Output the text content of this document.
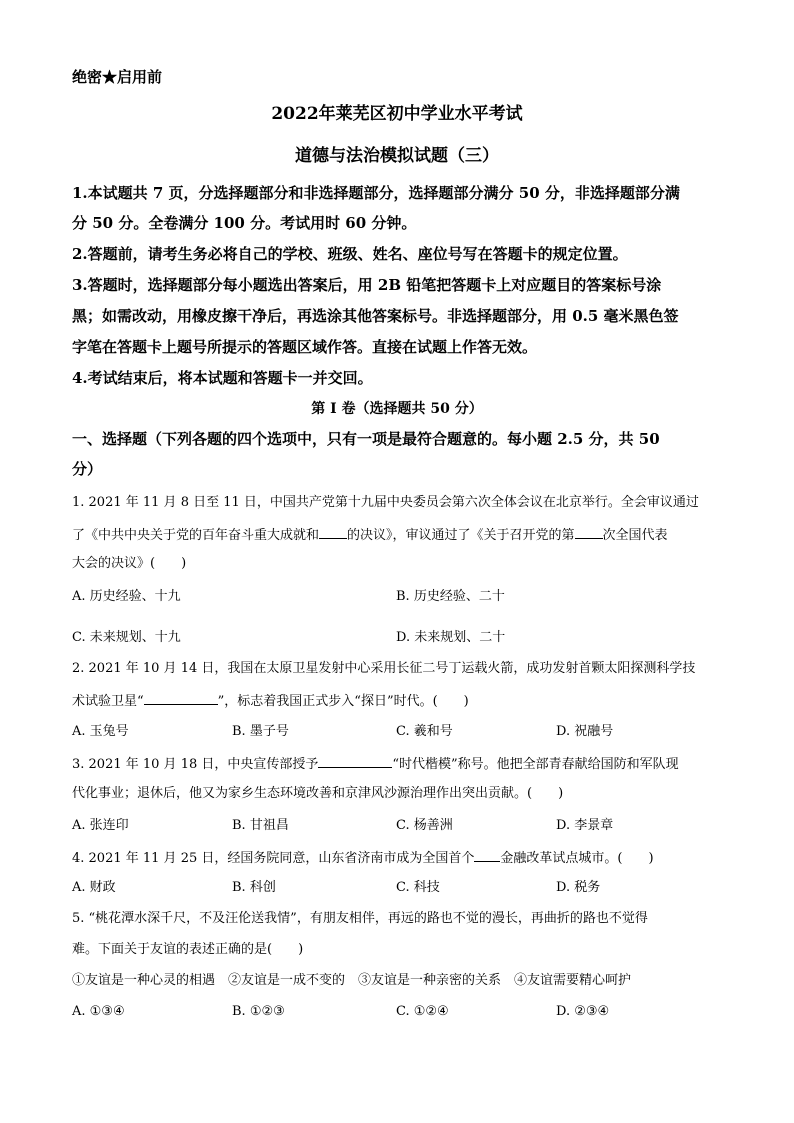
绝密★启用前
2022年莱芜区初中学业水平考试
道德与法治模拟试题（三）
1.本试题共 7 页，分选择题部分和非选择题部分，选择题部分满分 50 分，非选择题部分满
分 50 分。全卷满分 100 分。考试用时 60 分钟。
2.答题前，请考生务必将自己的学校、班级、姓名、座位号写在答题卡的规定位置。
3.答题时，选择题部分每小题选出答案后，用 2B 铅笔把答题卡上对应题目的答案标号涂
黑；如需改动，用橡皮擦干净后，再选涂其他答案标号。非选择题部分，用 0.5 毫米黑色签
字笔在答题卡上题号所提示的答题区域作答。直接在试题上作答无效。
4.考试结束后，将本试题和答题卡一并交回。
第 I 卷（选择题共 50 分）
一、选择题（下列各题的四个选项中，只有一项是最符合题意的。每小题 2.5 分，共 50
分）
1. 2021 年 11 月 8 日至 11 日，中国共产党第十九届中央委员会第六次全体会议在北京举行。全会审议通过
了《中共中央关于党的百年奋斗重大成就和 的决议》，审议通过了《关于召开党的第 次全国代表
大会的决议》(　　)
A. 历史经验、十九	B. 历史经验、二十
C. 未来规划、十九	D. 未来规划、二十
2. 2021 年 10 月 14 日，我国在太原卫星发射中心采用长征二号丁运载火箭，成功发射首颗太阳探测科学技
术试验卫星“	”，标志着我国正式步入“探日”时代。(　　)
A. 玉兔号	B. 墨子号	C. 羲和号	D. 祝融号
3. 2021 年 10 月 18 日，中央宣传部授予	“时代楷模”称号。他把全部青春献给国防和军队现
代化事业；退休后，他又为家乡生态环境改善和京津风沙源治理作出突出贡献。(　　)
A. 张连印	B. 甘祖昌	C. 杨善洲	D. 李景章
4. 2021 年 11 月 25 日，经国务院同意，山东省济南市成为全国首个 金融改革试点城市。(　　)
A. 财政	B. 科创	C. 科技	D. 税务
5. “桃花潭水深千尺，不及汪伦送我情”，有朋友相伴，再远的路也不觉的漫长，再曲折的路也不觉得
难。下面关于友谊的表述正确的是(　　)
①友谊是一种心灵的相遇　②友谊是一成不变的　③友谊是一种亲密的关系　④友谊需要精心呵护
A. ①③④	B. ①②③	C. ①②④	D. ②③④
